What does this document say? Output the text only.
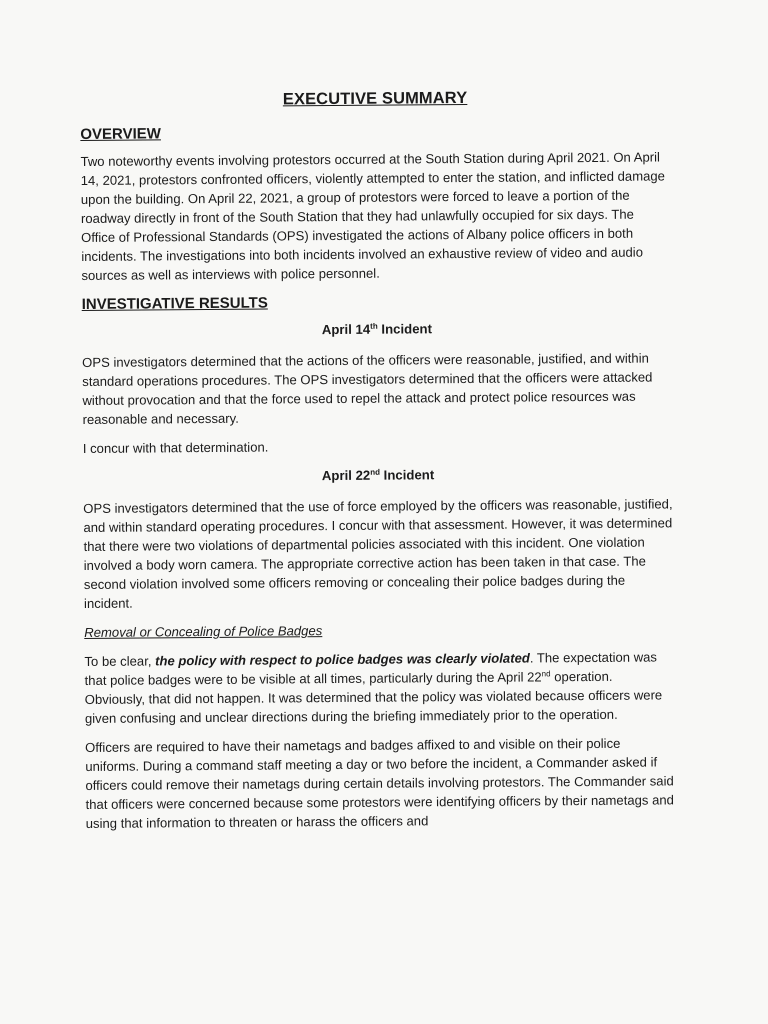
EXECUTIVE SUMMARY
OVERVIEW

Two noteworthy events involving protestors occurred at the South Station during April 2021. On April 14, 2021, protestors confronted officers, violently attempted to enter the station, and inflicted damage upon the building. On April 22, 2021, a group of protestors were forced to leave a portion of the roadway directly in front of the South Station that they had unlawfully occupied for six days. The Office of Professional Standards (OPS) investigated the actions of Albany police officers in both incidents. The investigations into both incidents involved an exhaustive review of video and audio sources as well as interviews with police personnel.

INVESTIGATIVE RESULTS
April 14th Incident

OPS investigators determined that the actions of the officers were reasonable, justified, and within standard operations procedures. The OPS investigators determined that the officers were attacked without provocation and that the force used to repel the attack and protect police resources was reasonable and necessary.

I concur with that determination.

April 22nd Incident

OPS investigators determined that the use of force employed by the officers was reasonable, justified, and within standard operating procedures. I concur with that assessment. However, it was determined that there were two violations of departmental policies associated with this incident. One violation involved a body worn camera. The appropriate corrective action has been taken in that case. The second violation involved some officers removing or concealing their police badges during the incident.

Removal or Concealing of Police Badges

To be clear, the policy with respect to police badges was clearly violated. The expectation was that police badges were to be visible at all times, particularly during the April 22nd operation. Obviously, that did not happen. It was determined that the policy was violated because officers were given confusing and unclear directions during the briefing immediately prior to the operation.

Officers are required to have their nametags and badges affixed to and visible on their police uniforms. During a command staff meeting a day or two before the incident, a Commander asked if officers could remove their nametags during certain details involving protestors. The Commander said that officers were concerned because some protestors were identifying officers by their nametags and using that information to threaten or harass the officers and
